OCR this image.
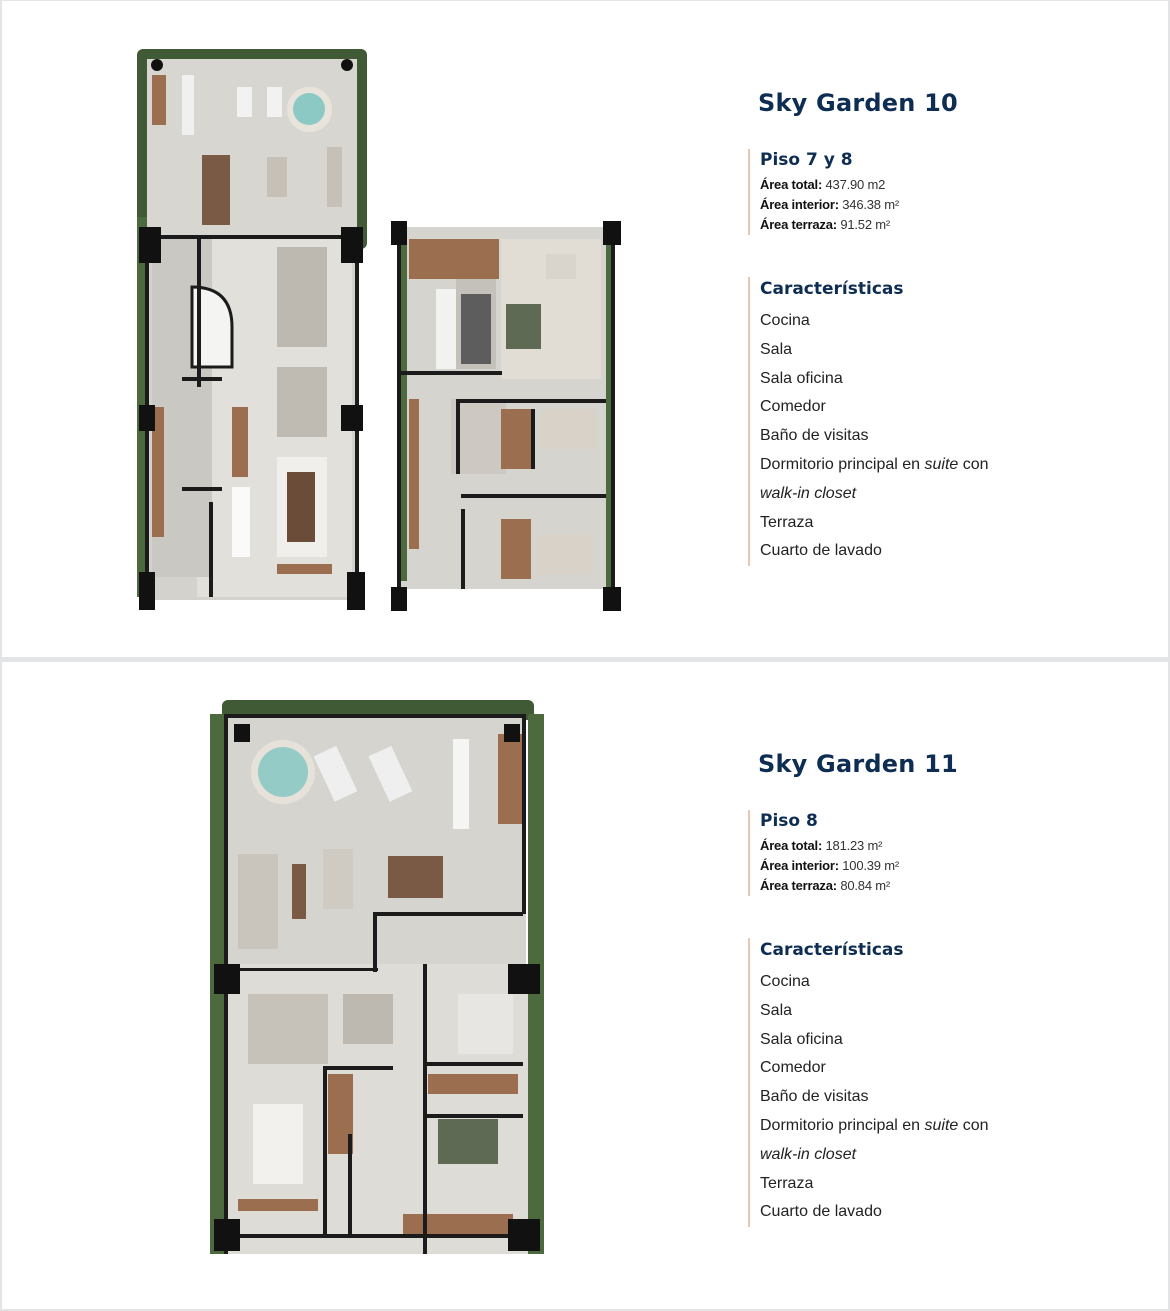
Sky Garden 10
Piso 7 y 8
Área total: 437.90 m2
Área interior: 346.38 m²
Área terraza: 91.52 m²
Características
Cocina
Sala
Sala oficina
Comedor
Baño de visitas
Dormitorio principal en suite con
walk-in closet
Terraza
Cuarto de lavado
Sky Garden 11
Piso 8
Área total: 181.23 m²
Área interior: 100.39 m²
Área terraza: 80.84 m²
Características
Cocina
Sala
Sala oficina
Comedor
Baño de visitas
Dormitorio principal en suite con
walk-in closet
Terraza
Cuarto de lavado
